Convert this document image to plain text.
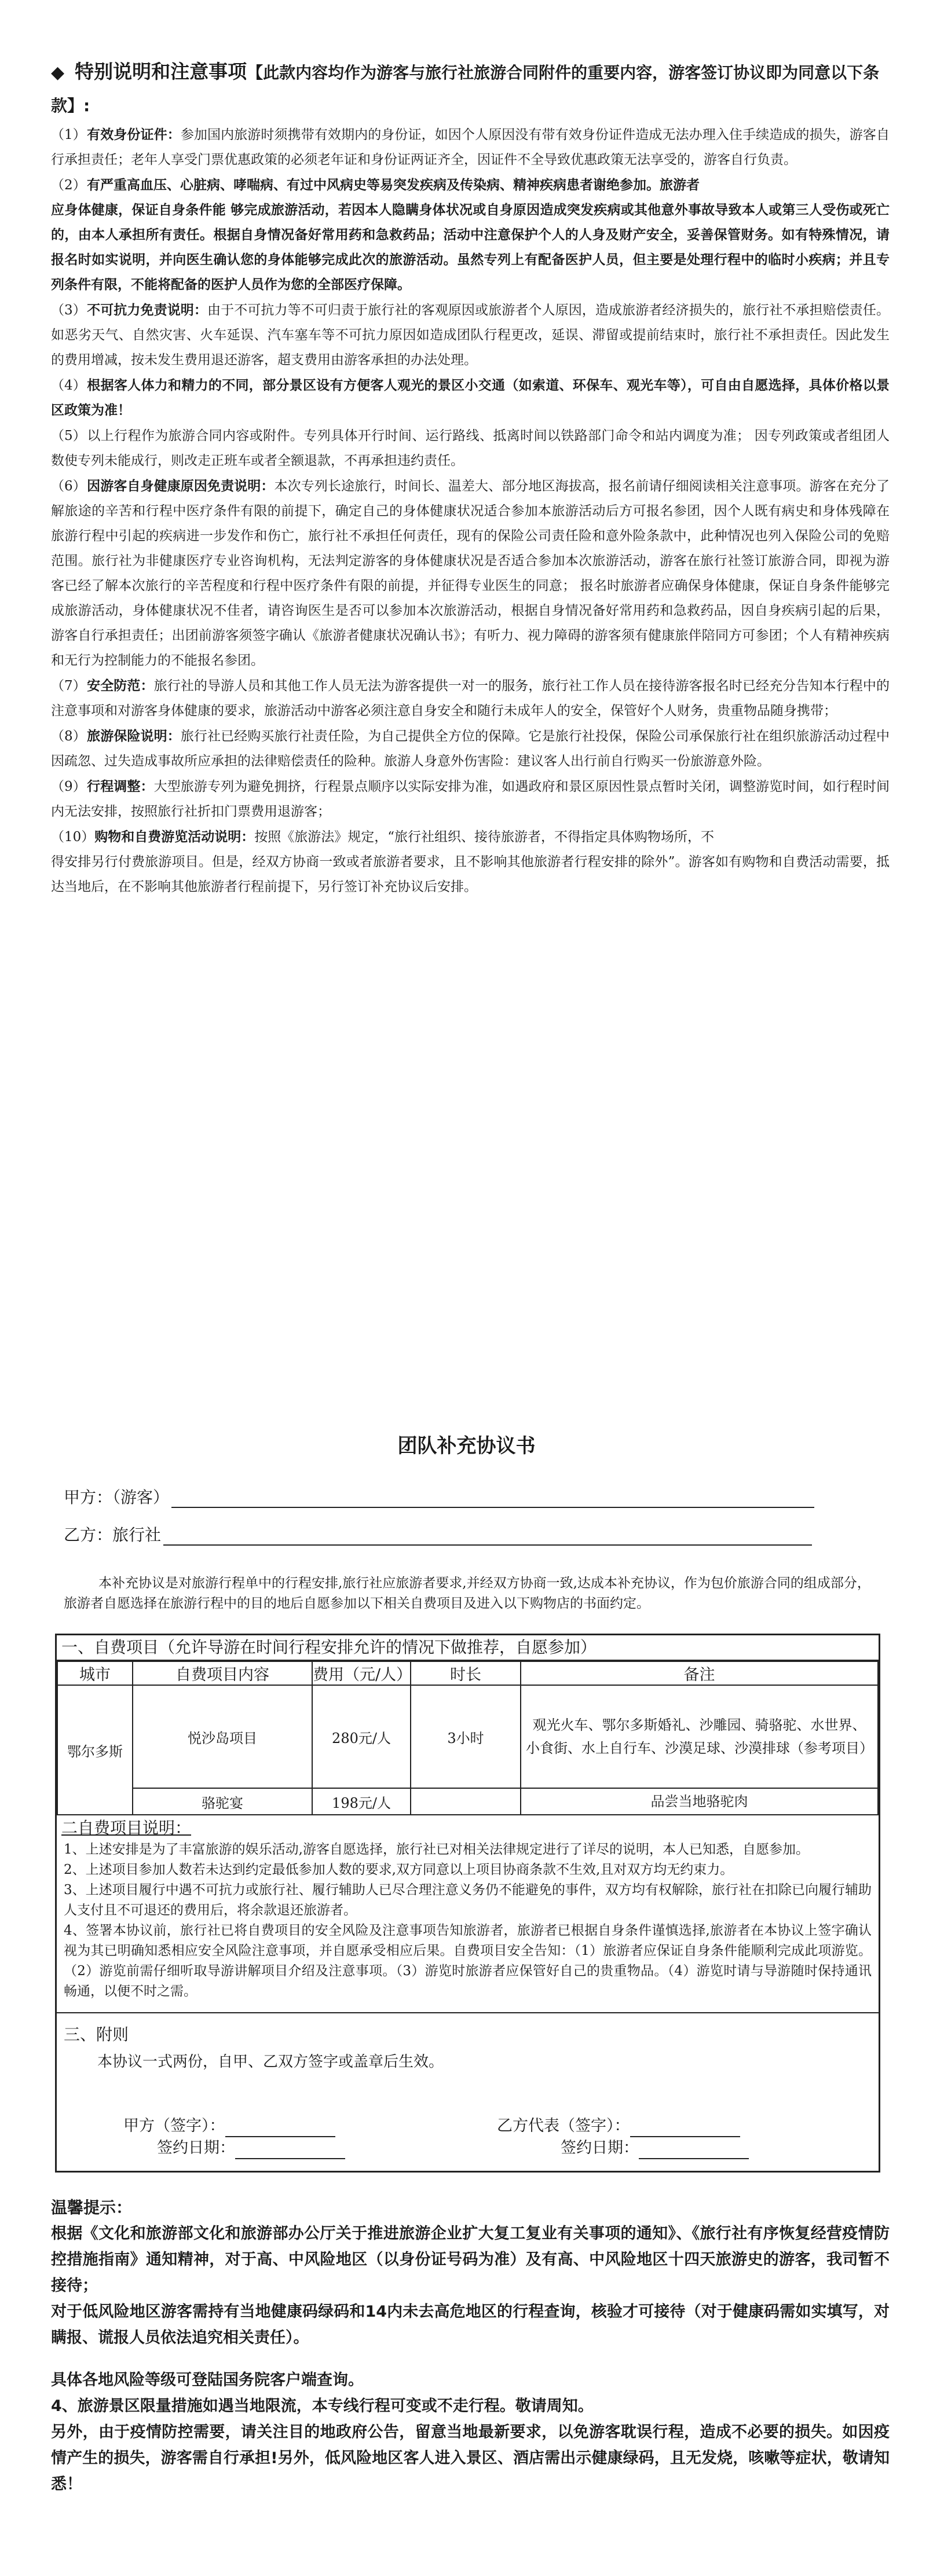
◆ 特别说明和注意事项【此款内容均作为游客与旅行社旅游合同附件的重要内容，游客签订协议即为同意以下条款】:
（1）有效身份证件：参加国内旅游时须携带有效期内的身份证，如因个人原因没有带有效身份证件造成无法办理入住手续造成的损失，游客自行承担责任；老年人享受门票优惠政策的必须老年证和身份证两证齐全，因证件不全导致优惠政策无法享受的，游客自行负责。
（2）有严重高血压、心脏病、哮喘病、有过中风病史等易突发疾病及传染病、精神疾病患者谢绝参加。旅游者
应身体健康，保证自身条件能 够完成旅游活动，若因本人隐瞒身体状况或自身原因造成突发疾病或其他意外事故导致本人或第三人受伤或死亡的，由本人承担所有责任。根据自身情况备好常用药和急救药品；活动中注意保护个人的人身及财产安全，妥善保管财务。如有特殊情况，请报名时如实说明，并向医生确认您的身体能够完成此次的旅游活动。虽然专列上有配备医护人员，但主要是处理行程中的临时小疾病；并且专列条件有限，不能将配备的医护人员作为您的全部医疗保障。
（3）不可抗力免责说明：由于不可抗力等不可归责于旅行社的客观原因或旅游者个人原因，造成旅游者经济损失的，旅行社不承担赔偿责任。如恶劣天气、自然灾害、火车延误、汽车塞车等不可抗力原因如造成团队行程更改，延误、滞留或提前结束时，旅行社不承担责任。因此发生的费用增减，按未发生费用退还游客，超支费用由游客承担的办法处理。
（4）根据客人体力和精力的不同，部分景区设有方便客人观光的景区小交通（如索道、环保车、观光车等），可自由自愿选择，具体价格以景区政策为准！
（5）以上行程作为旅游合同内容或附件。专列具体开行时间、运行路线、抵离时间以铁路部门命令和站内调度为准； 因专列政策或者组团人数使专列未能成行，则改走正班车或者全额退款，不再承担违约责任。
（6）因游客自身健康原因免责说明：本次专列长途旅行，时间长、温差大、部分地区海拔高，报名前请仔细阅读相关注意事项。游客在充分了解旅途的辛苦和行程中医疗条件有限的前提下，确定自己的身体健康状况适合参加本旅游活动后方可报名参团，因个人既有病史和身体残障在旅游行程中引起的疾病进一步发作和伤亡，旅行社不承担任何责任，现有的保险公司责任险和意外险条款中，此种情况也列入保险公司的免赔范围。旅行社为非健康医疗专业咨询机构，无法判定游客的身体健康状况是否适合参加本次旅游活动，游客在旅行社签订旅游合同，即视为游客已经了解本次旅行的辛苦程度和行程中医疗条件有限的前提，并征得专业医生的同意； 报名时旅游者应确保身体健康，保证自身条件能够完成旅游活动，身体健康状况不佳者，请咨询医生是否可以参加本次旅游活动，根据自身情况备好常用药和急救药品，因自身疾病引起的后果，游客自行承担责任；出团前游客须签字确认《旅游者健康状况确认书》；有听力、视力障碍的游客须有健康旅伴陪同方可参团；个人有精神疾病和无行为控制能力的不能报名参团。
（7）安全防范：旅行社的导游人员和其他工作人员无法为游客提供一对一的服务，旅行社工作人员在接待游客报名时已经充分告知本行程中的注意事项和对游客身体健康的要求，旅游活动中游客必须注意自身安全和随行未成年人的安全，保管好个人财务，贵重物品随身携带；
（8）旅游保险说明：旅行社已经购买旅行社责任险，为自己提供全方位的保障。它是旅行社投保，保险公司承保旅行社在组织旅游活动过程中因疏忽、过失造成事故所应承担的法律赔偿责任的险种。旅游人身意外伤害险：建议客人出行前自行购买一份旅游意外险。
（9）行程调整：大型旅游专列为避免拥挤，行程景点顺序以实际安排为准，如遇政府和景区原因性景点暂时关闭，调整游览时间，如行程时间内无法安排，按照旅行社折扣门票费用退游客；
（10）购物和自费游览活动说明：按照《旅游法》规定，“旅行社组织、接待旅游者，不得指定具体购物场所，不
得安排另行付费旅游项目。但是，经双方协商一致或者旅游者要求，且不影响其他旅游者行程安排的除外”。游客如有购物和自费活动需要，抵达当地后，在不影响其他旅游者行程前提下，另行签订补充协议后安排。
团队补充协议书
甲方：（游客）
乙方：旅行社
本补充协议是对旅游行程单中的行程安排,旅行社应旅游者要求,并经双方协商一致,达成本补充协议，作为包价旅游合同的组成部分，旅游者自愿选择在旅游行程中的目的地后自愿参加以下相关自费项目及进入以下购物店的书面约定。
一、自费项目（允许导游在时间行程安排允许的情况下做推荐，自愿参加）
城市	自费项目内容	费用（元/人）	时长	备注
鄂尔多斯	悦沙岛项目	280元/人	3小时	观光火车、鄂尔多斯婚礼、沙雕园、骑骆驼、水世界、小食街、水上自行车、沙漠足球、沙漠排球（参考项目）
	骆驼宴	198元/人		品尝当地骆驼肉
二自费项目说明：

1、上述安排是为了丰富旅游的娱乐活动,游客自愿选择，旅行社已对相关法律规定进行了详尽的说明，本人已知悉，自愿参加。

2、上述项目参加人数若未达到约定最低参加人数的要求,双方同意以上项目协商条款不生效,且对双方均无约束力。

3、上述项目履行中遇不可抗力或旅行社、履行辅助人已尽合理注意义务仍不能避免的事件，双方均有权解除，旅行社在扣除已向履行辅助人支付且不可退还的费用后，将余款退还旅游者。

4、签署本协议前，旅行社已将自费项目的安全风险及注意事项告知旅游者，旅游者已根据自身条件谨慎选择,旅游者在本协议上签字确认视为其已明确知悉相应安全风险注意事项，并自愿承受相应后果。自费项目安全告知：（1）旅游者应保证自身条件能顺利完成此项游览。（2）游览前需仔细听取导游讲解项目介绍及注意事项。（3）游览时旅游者应保管好自己的贵重物品。（4）游览时请与导游随时保持通讯畅通，以便不时之需。

三、附则
本协议一式两份，自甲、乙双方签字或盖章后生效。
甲方（签字）：
签约日期：
乙方代表（签字）：
签约日期：
温馨提示：
根据《文化和旅游部文化和旅游部办公厅关于推进旅游企业扩大复工复业有关事项的通知》、《旅行社有序恢复经营疫情防控措施指南》通知精神，对于高、中风险地区（以身份证号码为准）及有高、中风险地区十四天旅游史的游客，我司暂不接待；
对于低风险地区游客需持有当地健康码绿码和14内未去高危地区的行程查询，核验才可接待（对于健康码需如实填写，对瞒报、谎报人员依法追究相关责任）。
具体各地风险等级可登陆国务院客户端查询。
4、旅游景区限量措施如遇当地限流，本专线行程可变或不走行程。敬请周知。
另外，由于疫情防控需要，请关注目的地政府公告，留意当地最新要求，以免游客耽误行程，造成不必要的损失。如因疫情产生的损失，游客需自行承担!另外，低风险地区客人进入景区、酒店需出示健康绿码，且无发烧，咳嗽等症状，敬请知悉！
